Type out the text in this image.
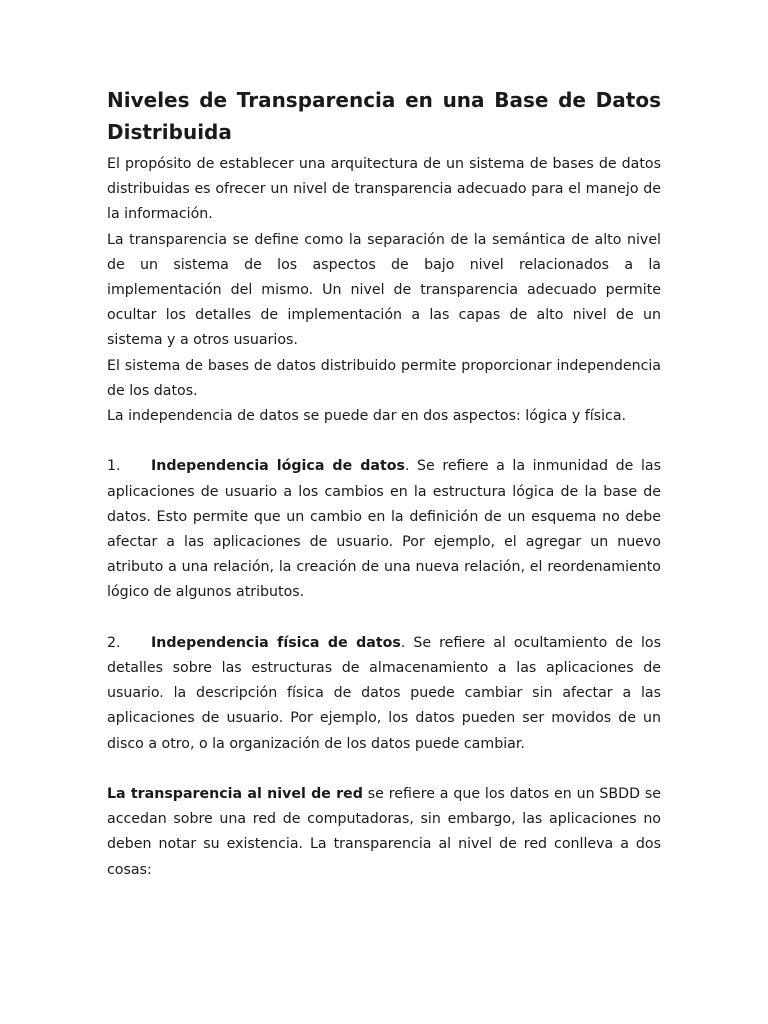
Niveles de Transparencia en una Base de Datos
Distribuida

El propósito de establecer una arquitectura de un sistema de bases de datos distribuidas es ofrecer un nivel de transparencia adecuado para el manejo de la información.

La transparencia se define como la separación de la semántica de alto nivel de un sistema de los aspectos de bajo nivel relacionados a la implementación del mismo. Un nivel de transparencia adecuado permite ocultar los detalles de implementación a las capas de alto nivel de un sistema y a otros usuarios.

El sistema de bases de datos distribuido permite proporcionar independencia de los datos.

La independencia de datos se puede dar en dos aspectos: lógica y física.

1. Independencia lógica de datos. Se refiere a la inmunidad de las aplicaciones de usuario a los cambios en la estructura lógica de la base de datos. Esto permite que un cambio en la definición de un esquema no debe afectar a las aplicaciones de usuario. Por ejemplo, el agregar un nuevo atributo a una relación, la creación de una nueva relación, el reordenamiento lógico de algunos atributos.

2. Independencia física de datos. Se refiere al ocultamiento de los detalles sobre las estructuras de almacenamiento a las aplicaciones de usuario. la descripción física de datos puede cambiar sin afectar a las aplicaciones de usuario. Por ejemplo, los datos pueden ser movidos de un disco a otro, o la organización de los datos puede cambiar.

La transparencia al nivel de red se refiere a que los datos en un SBDD se accedan sobre una red de computadoras, sin embargo, las aplicaciones no deben notar su existencia. La transparencia al nivel de red conlleva a dos cosas:
